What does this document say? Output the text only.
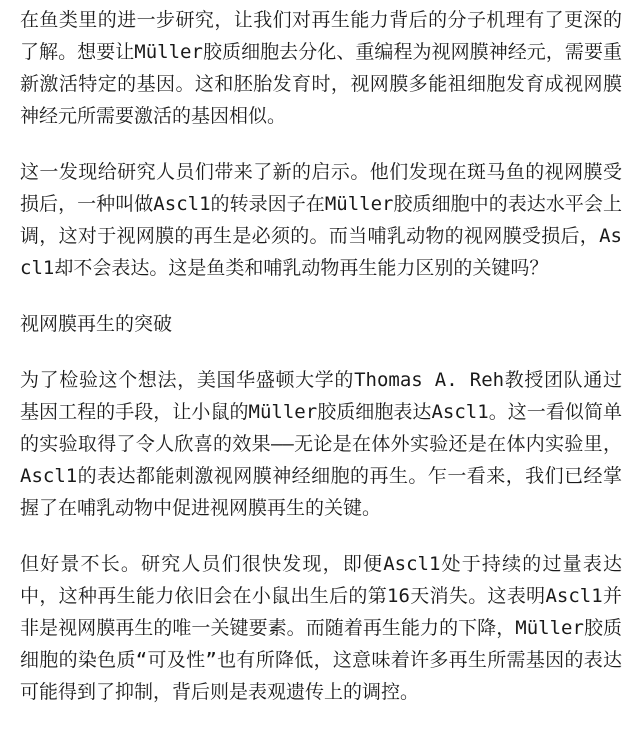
在鱼类里的进一步研究，让我们对再生能力背后的分子机理有了更深的了解。想要让Müller胶质细胞去分化、重编程为视网膜神经元，需要重新激活特定的基因。这和胚胎发育时，视网膜多能祖细胞发育成视网膜神经元所需要激活的基因相似。

这一发现给研究人员们带来了新的启示。他们发现在斑马鱼的视网膜受损后，一种叫做Ascl1的转录因子在Müller胶质细胞中的表达水平会上调，这对于视网膜的再生是必须的。而当哺乳动物的视网膜受损后，Ascl1却不会表达。这是鱼类和哺乳动物再生能力区别的关键吗？

视网膜再生的突破

为了检验这个想法，美国华盛顿大学的Thomas A. Reh教授团队通过基因工程的手段，让小鼠的Müller胶质细胞表达Ascl1。这一看似简单的实验取得了令人欣喜的效果——无论是在体外实验还是在体内实验里，Ascl1的表达都能刺激视网膜神经细胞的再生。乍一看来，我们已经掌握了在哺乳动物中促进视网膜再生的关键。

但好景不长。研究人员们很快发现，即便Ascl1处于持续的过量表达中，这种再生能力依旧会在小鼠出生后的第16天消失。这表明Ascl1并非是视网膜再生的唯一关键要素。而随着再生能力的下降，Müller胶质细胞的染色质“可及性”也有所降低，这意味着许多再生所需基因的表达可能得到了抑制，背后则是表观遗传上的调控。
